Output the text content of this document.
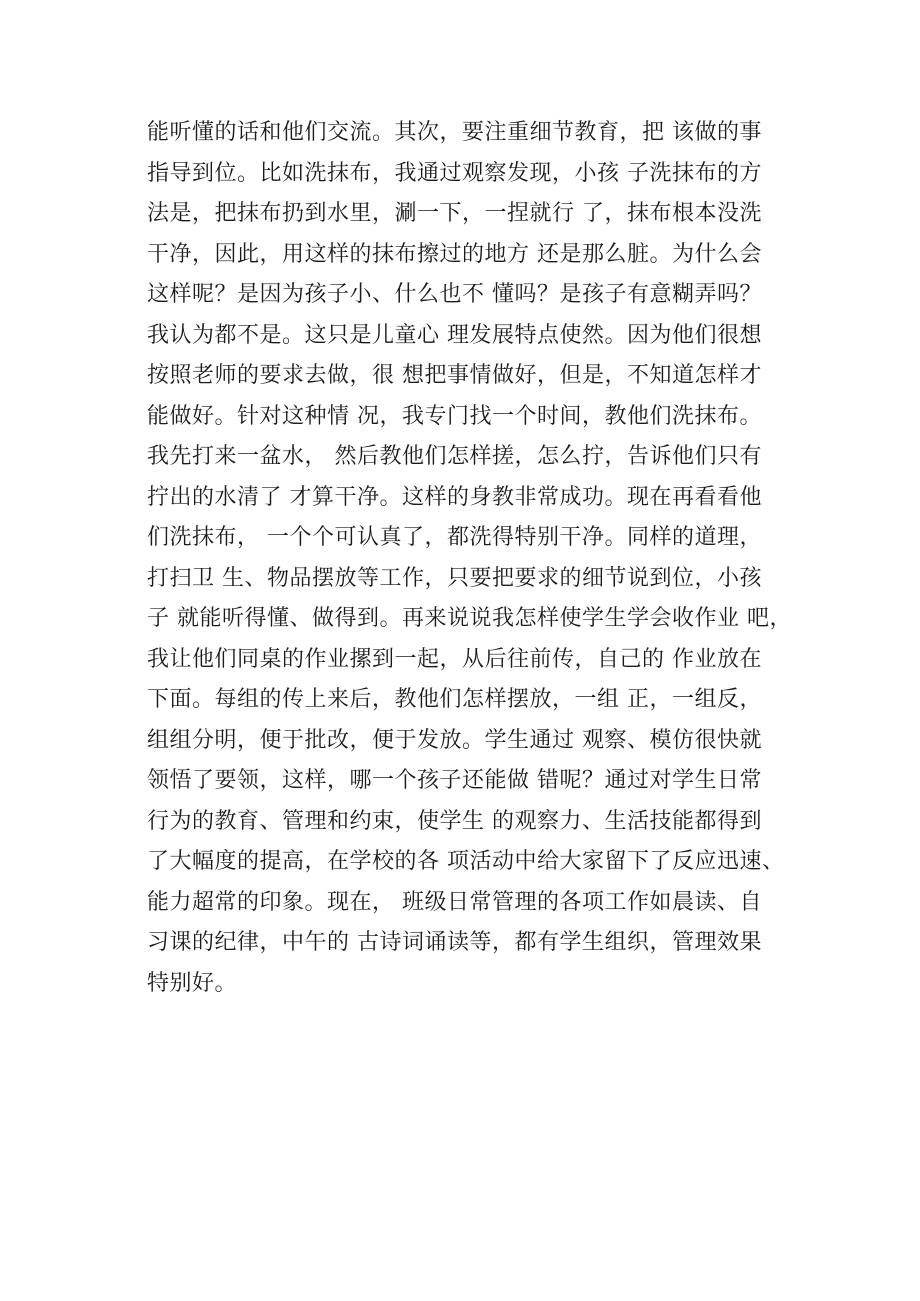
能听懂的话和他们交流。其次，要注重细节教育，把 该做的事
指导到位。比如洗抹布，我通过观察发现，小孩 子洗抹布的方
法是，把抹布扔到水里，涮一下，一捏就行 了，抹布根本没洗
干净，因此，用这样的抹布擦过的地方 还是那么脏。为什么会
这样呢？是因为孩子小、什么也不 懂吗？是孩子有意糊弄吗？
我认为都不是。这只是儿童心 理发展特点使然。因为他们很想
按照老师的要求去做，很 想把事情做好，但是，不知道怎样才
能做好。针对这种情 况，我专门找一个时间，教他们洗抹布。
我先打来一盆水， 然后教他们怎样搓，怎么拧，告诉他们只有
拧出的水清了 才算干净。这样的身教非常成功。现在再看看他
们洗抹布， 一个个可认真了，都洗得特别干净。同样的道理，
打扫卫 生、物品摆放等工作，只要把要求的细节说到位，小孩
子 就能听得懂、做得到。再来说说我怎样使学生学会收作业 吧，
我让他们同桌的作业摞到一起，从后往前传，自己的 作业放在
下面。每组的传上来后，教他们怎样摆放，一组 正，一组反，
组组分明，便于批改，便于发放。学生通过 观察、模仿很快就
领悟了要领，这样，哪一个孩子还能做 错呢？通过对学生日常
行为的教育、管理和约束，使学生 的观察力、生活技能都得到
了大幅度的提高，在学校的各 项活动中给大家留下了反应迅速、
能力超常的印象。现在， 班级日常管理的各项工作如晨读、自
习课的纪律，中午的 古诗词诵读等，都有学生组织，管理效果
特别好。
